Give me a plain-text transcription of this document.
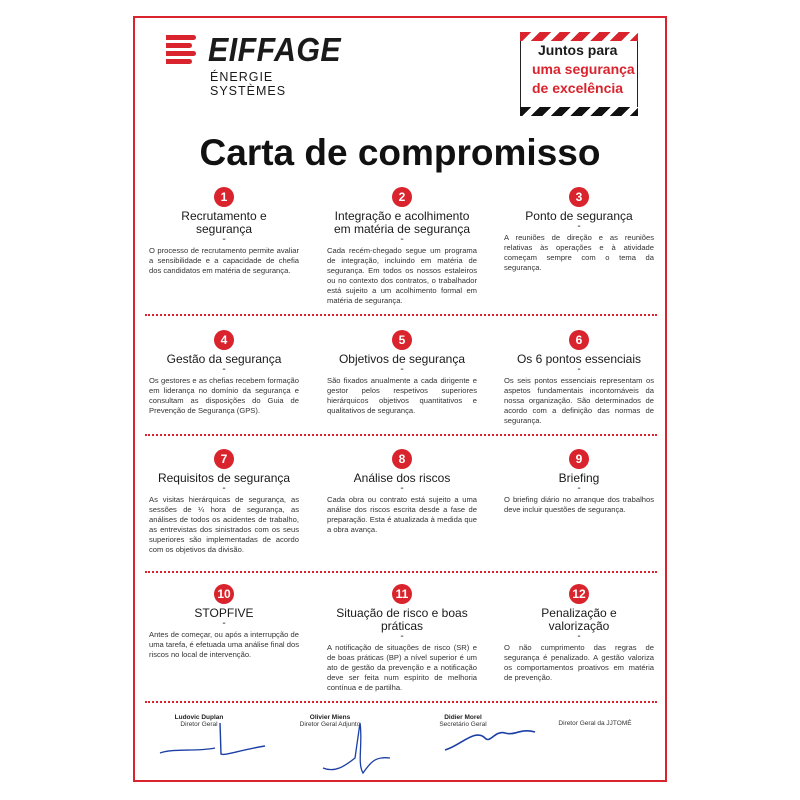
EIFFAGE
ÉNERGIE SYSTÈMES
Juntos para
uma segurança
de excelência
Carta de compromisso
1
Recrutamento e segurança
-
O processo de recrutamento permite avaliar a sensibilidade e a capacidade de chefia dos candidatos em matéria de segurança.
2
Integração e acolhimento em matéria de segurança
-
Cada recém-chegado segue um programa de integração, incluindo em matéria de segurança. Em todos os nossos estaleiros ou no contexto dos contratos, o trabalhador está sujeito a um acolhimento formal em matéria de segurança.
3
Ponto de segurança
-
A reuniões de direção e as reuniões relativas às operações e à atividade começam sempre com o tema da segurança.
4
Gestão da segurança
-
Os gestores e as chefias recebem formação em liderança no domínio da segurança e consultam as disposições do Guia de Prevenção de Segurança (GPS).
5
Objetivos de segurança
-
São fixados anualmente a cada dirigente e gestor pelos respetivos superiores hierárquicos objetivos quantitativos e qualitativos de segurança.
6
Os 6 pontos essenciais
-
Os seis pontos essenciais representam os aspetos fundamentais incontornáveis da nossa organização. São determinados de acordo com a definição das normas de segurança.
7
Requisitos de segurança
-
As visitas hierárquicas de segurança, as sessões de ¼ hora de segurança, as análises de todos os acidentes de trabalho, as entrevistas dos sinistrados com os seus superiores são implementadas de acordo com os objetivos da divisão.
8
Análise dos riscos
-
Cada obra ou contrato está sujeito a uma análise dos riscos escrita desde a fase de preparação. Esta é atualizada à medida que a obra avança.
9
Briefing
-
O briefing diário no arranque dos trabalhos deve incluir questões de segurança.
10
STOPFIVE
-
Antes de começar, ou após a interrupção de uma tarefa, é efetuada uma análise final dos riscos no local de intervenção.
11
Situação de risco e boas práticas
-
A notificação de situações de risco (SR) e de boas práticas (BP) a nível superior é um ato de gestão da prevenção e a notificação deve ser feita num espírito de melhoria contínua e de partilha.
12
Penalização e valorização
-
O não cumprimento das regras de segurança é penalizado. A gestão valoriza os comportamentos proativos em matéria de prevenção.
Ludovic Duplan
Diretor Geral
Olivier Miens
Diretor Geral Adjunto
Didier Morel
Secretário Geral	Diretor Geral da JJTOMÉ
